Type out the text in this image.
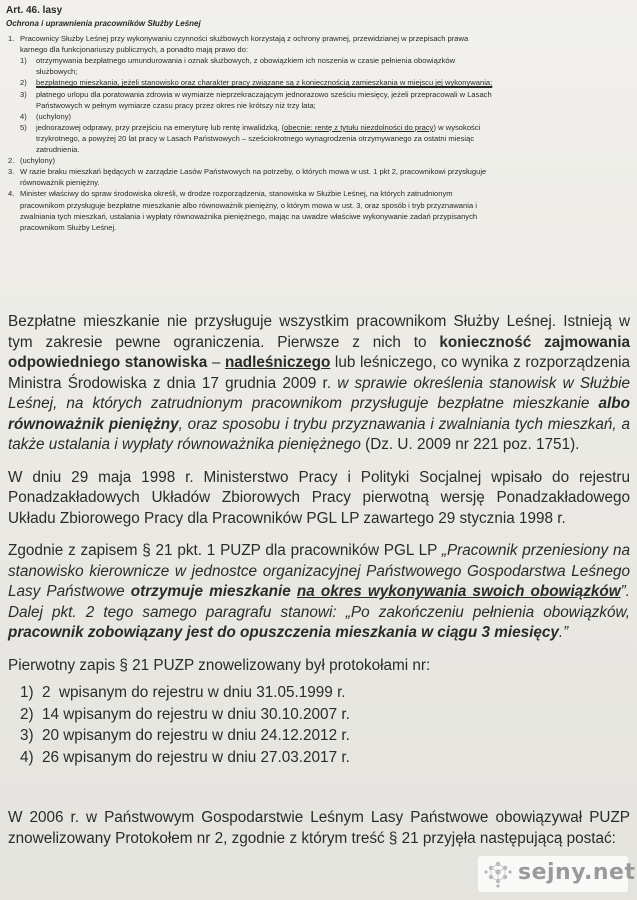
Art. 46. lasy
Ochrona i uprawnienia pracowników Służby Leśnej
1. Pracownicy Służby Leśnej przy wykonywaniu czynności służbowych korzystają z ochrony prawnej, przewidzianej w przepisach prawa
karnego dla funkcjonariuszy publicznych, a ponadto mają prawo do:
1) otrzymywania bezpłatnego umundurowania i oznak służbowych, z obowiązkiem ich noszenia w czasie pełnienia obowiązków
służbowych;
2) bezpłatnego mieszkania, jeżeli stanowisko oraz charakter pracy związane są z koniecznością zamieszkania w miejscu jej wykonywania;
3) płatnego urlopu dla poratowania zdrowia w wymiarze nieprzekraczającym jednorazowo sześciu miesięcy, jeżeli przepracowali w Lasach
Państwowych w pełnym wymiarze czasu pracy przez okres nie krótszy niż trzy lata;
4) (uchylony)
5) jednorazowej odprawy, przy przejściu na emeryturę lub rentę inwalidzką, (obecnie: rentę z tytułu niezdolności do pracy) w wysokości
trzykrotnego, a powyżej 20 lat pracy w Lasach Państwowych – sześciokrotnego wynagrodzenia otrzymywanego za ostatni miesiąc
zatrudnienia.
2. (uchylony)
3. W razie braku mieszkań będących w zarządzie Lasów Państwowych na potrzeby, o których mowa w ust. 1 pkt 2, pracownikowi przysługuje
równoważnik pieniężny.
4. Minister właściwy do spraw środowiska określi, w drodze rozporządzenia, stanowiska w Służbie Leśnej, na których zatrudnionym
pracownikom przysługuje bezpłatne mieszkanie albo równoważnik pieniężny, o którym mowa w ust. 3, oraz sposób i tryb przyznawania i
zwalniania tych mieszkań, ustalania i wypłaty równoważnika pieniężnego, mając na uwadze właściwe wykonywanie zadań przypisanych
pracownikom Służby Leśnej.

Bezpłatne mieszkanie nie przysługuje wszystkim pracownikom Służby Leśnej. Istnieją w tym zakresie pewne ograniczenia. Pierwsze z nich to konieczność zajmowania odpowiedniego stanowiska – nadleśniczego lub leśniczego, co wynika z rozporządzenia Ministra Środowiska z dnia 17 grudnia 2009 r. w sprawie określenia stanowisk w Służbie Leśnej, na których zatrudnionym pracownikom przysługuje bezpłatne mieszkanie albo równoważnik pieniężny, oraz sposobu i trybu przyznawania i zwalniania tych mieszkań, a także ustalania i wypłaty równoważnika pieniężnego (Dz. U. 2009 nr 221 poz. 1751).

W dniu 29 maja 1998 r. Ministerstwo Pracy i Polityki Socjalnej wpisało do rejestru Ponadzakładowych Układów Zbiorowych Pracy pierwotną wersję Ponadzakładowego Układu Zbiorowego Pracy dla Pracowników PGL LP zawartego 29 stycznia 1998 r.

Zgodnie z zapisem § 21 pkt. 1 PUZP dla pracowników PGL LP „Pracownik przeniesiony na stanowisko kierownicze w jednostce organizacyjnej Państwowego Gospodarstwa Leśnego Lasy Państwowe otrzymuje mieszkanie na okres wykonywania swoich obowiązków”. Dalej pkt. 2 tego samego paragrafu stanowi: „Po zakończeniu pełnienia obowiązków, pracownik zobowiązany jest do opuszczenia mieszkania w ciągu 3 miesięcy.”

Pierwotny zapis § 21 PUZP znowelizowany był protokołami nr:

1) 2  wpisanym do rejestru w dniu 31.05.1999 r.
2) 14 wpisanym do rejestru w dniu 30.10.2007 r.
3) 20 wpisanym do rejestru w dniu 24.12.2012 r.
4) 26 wpisanym do rejestru w dniu 27.03.2017 r.

W 2006 r. w Państwowym Gospodarstwie Leśnym Lasy Państwowe obowiązywał PUZP znowelizowany Protokołem nr 2, zgodnie z którym treść § 21 przyjęła następującą postać:

sejny.net
